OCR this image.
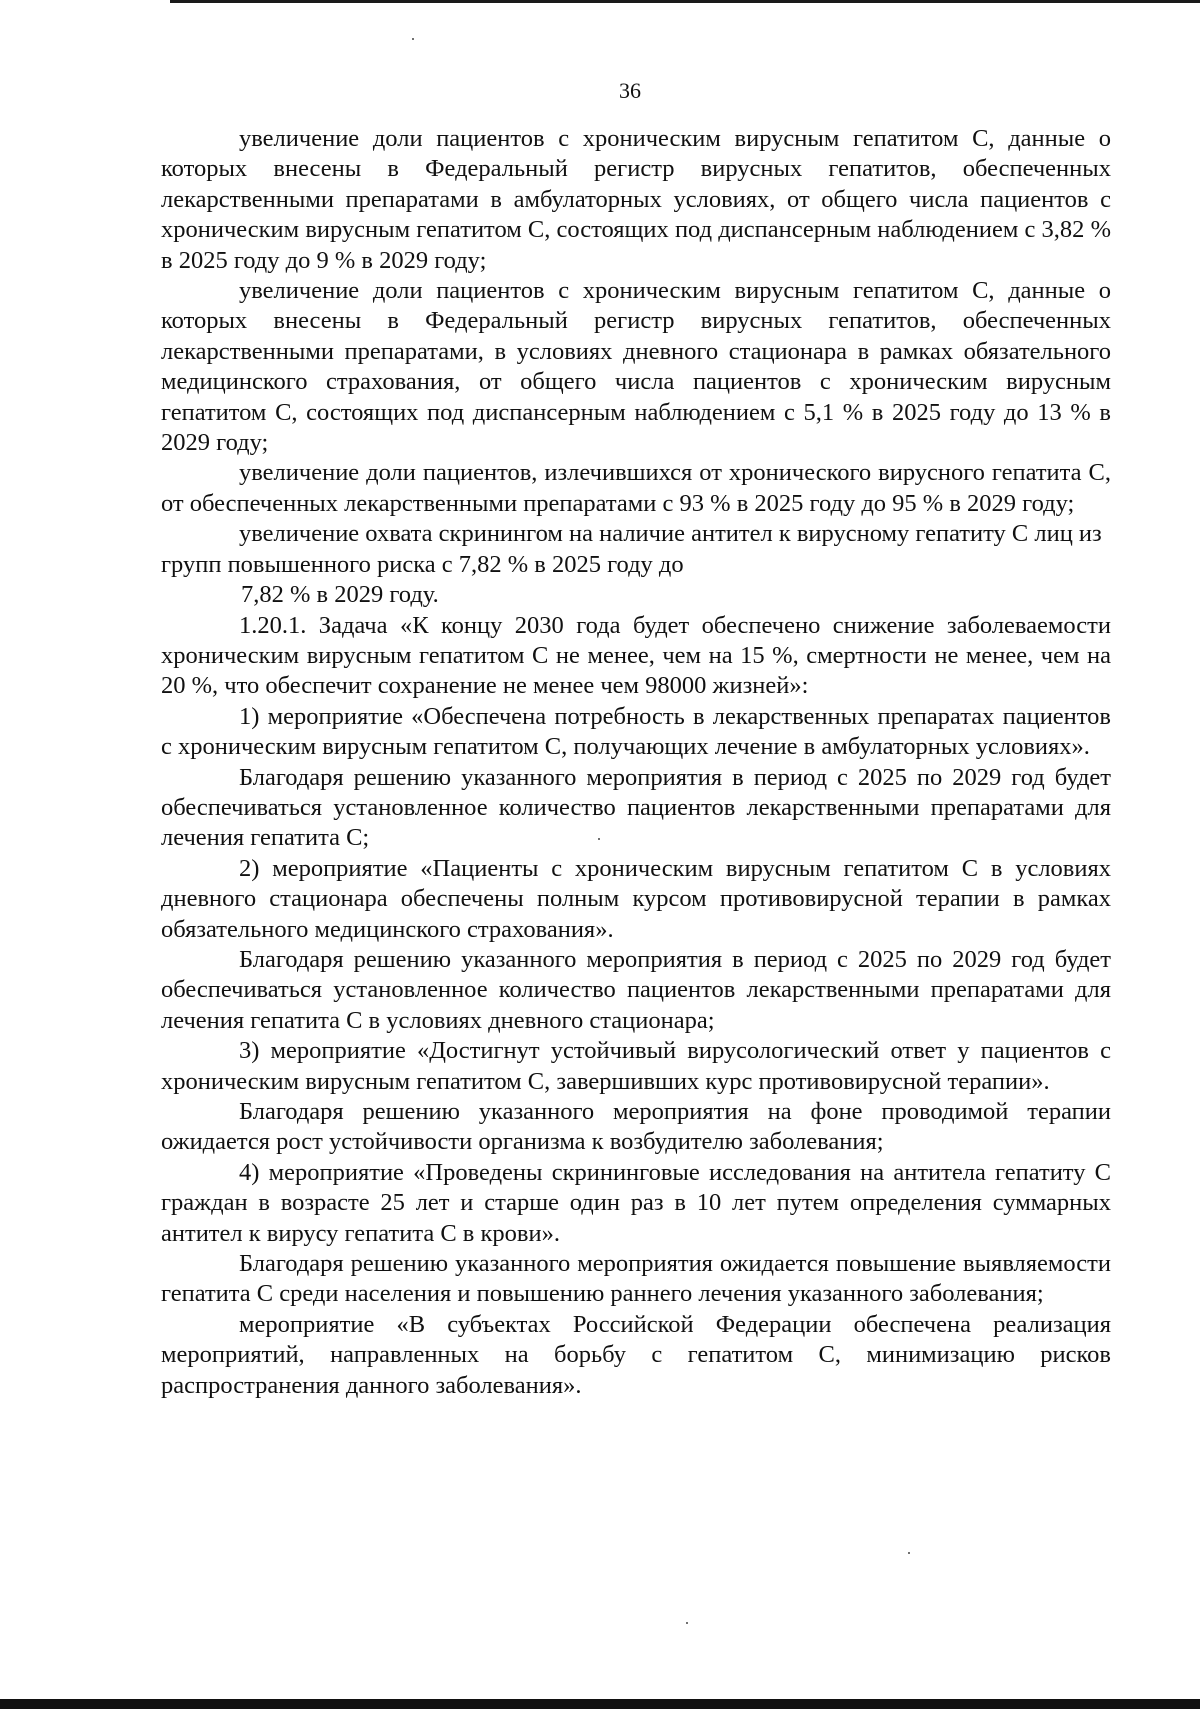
36

увеличение доли пациентов с хроническим вирусным гепатитом С, данные о которых внесены в Федеральный регистр вирусных гепатитов, обеспеченных лекарственными препаратами в амбулаторных условиях, от общего числа пациентов с хроническим вирусным гепатитом С, состоящих под диспансерным наблюдением с 3,82 % в 2025 году до 9 % в 2029 году;

увеличение доли пациентов с хроническим вирусным гепатитом С, данные о которых внесены в Федеральный регистр вирусных гепатитов, обеспеченных лекарственными препаратами, в условиях дневного стационара в рамках обязательного медицинского страхования, от общего числа пациентов с хроническим вирусным гепатитом С, состоящих под диспансерным наблюдением с 5,1 % в 2025 году до 13 % в 2029 году;

увеличение доли пациентов, излечившихся от хронического вирусного гепатита С, от обеспеченных лекарственными препаратами с 93 % в 2025 году до 95 % в 2029 году;

увеличение охвата скринингом на наличие антител к вирусному гепатиту С лиц из групп повышенного риска с 7,82 % в 2025 году до

7,82 % в 2029 году.

1.20.1. Задача «К концу 2030 года будет обеспечено снижение заболеваемости хроническим вирусным гепатитом С не менее, чем на 15 %, смертности не менее, чем на 20 %, что обеспечит сохранение не менее чем 98000 жизней»:

1) мероприятие «Обеспечена потребность в лекарственных препаратах пациентов с хроническим вирусным гепатитом С, получающих лечение в амбулаторных условиях».

Благодаря решению указанного мероприятия в период с 2025 по 2029 год будет обеспечиваться установленное количество пациентов лекарственными препаратами для лечения гепатита С;

2) мероприятие «Пациенты с хроническим вирусным гепатитом С в условиях дневного стационара обеспечены полным курсом противовирусной терапии в рамках обязательного медицинского страхования».

Благодаря решению указанного мероприятия в период с 2025 по 2029 год будет обеспечиваться установленное количество пациентов лекарственными препаратами для лечения гепатита С в условиях дневного стационара;

3) мероприятие «Достигнут устойчивый вирусологический ответ у пациентов с хроническим вирусным гепатитом С, завершивших курс противовирусной терапии».

Благодаря решению указанного мероприятия на фоне проводимой терапии ожидается рост устойчивости организма к возбудителю заболевания;

4) мероприятие «Проведены скрининговые исследования на антитела гепатиту С граждан в возрасте 25 лет и старше один раз в 10 лет путем определения суммарных антител к вирусу гепатита С в крови».

Благодаря решению указанного мероприятия ожидается повышение выявляемости гепатита С среди населения и повышению раннего лечения указанного заболевания;

мероприятие «В субъектах Российской Федерации обеспечена реализация мероприятий, направленных на борьбу с гепатитом С, минимизацию рисков распространения данного заболевания».
